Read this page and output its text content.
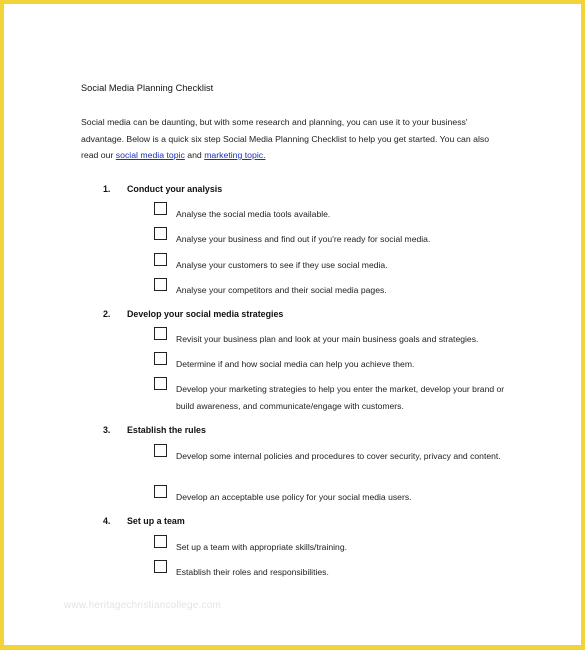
Social Media Planning Checklist
Social media can be daunting, but with some research and planning, you can use it to your business' advantage. Below is a quick six step Social Media Planning Checklist to help you get started. You can also read our social media topic and marketing topic.
1.	Conduct your analysis
Analyse the social media tools available.
Analyse your business and find out if you're ready for social media.
Analyse your customers to see if they use social media.
Analyse your competitors and their social media pages.
2.	Develop your social media strategies
Revisit your business plan and look at your main business goals and strategies.
Determine if and how social media can help you achieve them.
Develop your marketing strategies to help you enter the market, develop your brand or build awareness, and communicate/engage with customers.
3.	Establish the rules
Develop some internal policies and procedures to cover security, privacy and content.
Develop an acceptable use policy for your social media users.
4.	Set up a team
Set up a team with appropriate skills/training.
Establish their roles and responsibilities.
www.heritagechristiancollege.com
